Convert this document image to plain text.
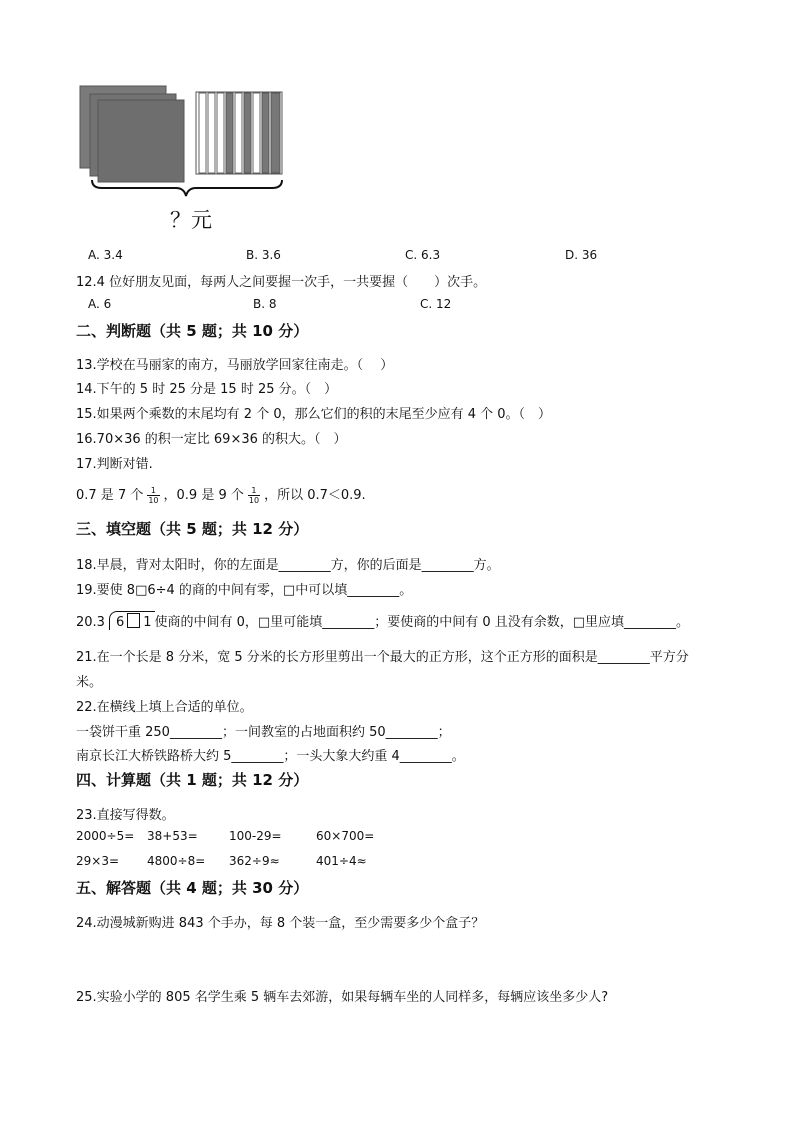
？元
A. 3.4	B. 3.6	C. 6.3	D. 36
12.4 位好朋友见面，每两人之间要握一次手，一共要握（　　）次手。
A. 6	B. 8	C. 12
二、判断题（共 5 题；共 10 分）
13.学校在马丽家的南方，马丽放学回家往南走。（　 ）
14.下午的 5 时 25 分是 15 时 25 分。（　）
15.如果两个乘数的末尾均有 2 个 0，那么它们的积的末尾至少应有 4 个 0。（　）
16.70×36 的积一定比 69×36 的积大。（　）
17.判断对错.
0.7 是 7 个 $\frac{1}{10}$ ，0.9 是 9 个 $\frac{1}{10}$ ，所以 0.7＜0.9.
三、填空题（共 5 题；共 12 分）
18.早晨，背对太阳时，你的左面是________方，你的后面是________方。
19.要使 8□6÷4 的商的中间有零，□中可以填________。
20.3 6 1 使商的中间有 0，□里可能填________；要使商的中间有 0 且没有余数，□里应填________。
21.在一个长是 8 分米，宽 5 分米的长方形里剪出一个最大的正方形，这个正方形的面积是________平方分
米。
22.在横线上填上合适的单位。
一袋饼干重 250________；一间教室的占地面积约 50________；
南京长江大桥铁路桥大约 5________；一头大象大约重 4________。
四、计算题（共 1 题；共 12 分）
23.直接写得数。
2000÷5= 38+53=	100-29=	60×700=
29×3= 4800÷8= 362÷9≈	401÷4≈
五、解答题（共 4 题；共 30 分）
24.动漫城新购进 843 个手办，每 8 个装一盒，至少需要多少个盒子？
25.实验小学的 805 名学生乘 5 辆车去郊游，如果每辆车坐的人同样多，每辆应该坐多少人?
